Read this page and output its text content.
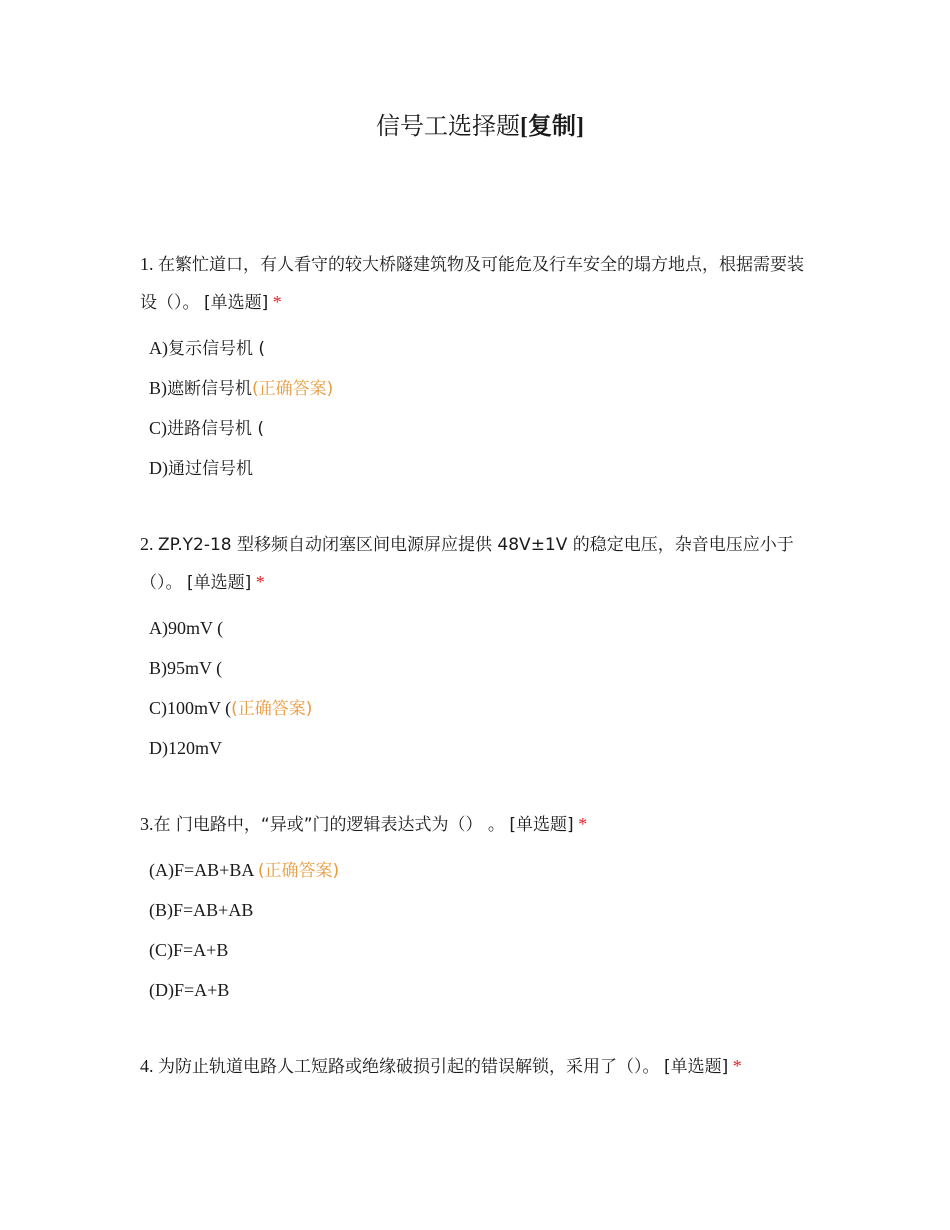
信号工选择题[复制]

1. 在繁忙道口，有人看守的较大桥隧建筑物及可能危及行车安全的塌方地点，根据需要装设（）。 [单选题] *

A)复示信号机 (
B)遮断信号机(正确答案)
C)进路信号机 (
D)通过信号机

2. ZP.Y2-18 型移频自动闭塞区间电源屏应提供 48V±1V 的稳定电压，杂音电压应小于（）。 [单选题] *

A)90mV (
B)95mV (
C)100mV ((正确答案)
D)120mV

3.在 门电路中，“异或”门的逻辑表达式为（） 。 [单选题] *

(A)F=AB+BA (正确答案)
(B)F=AB+AB
(C)F=A+B
(D)F=A+B

4. 为防止轨道电路人工短路或绝缘破损引起的错误解锁，采用了（）。 [单选题] *
